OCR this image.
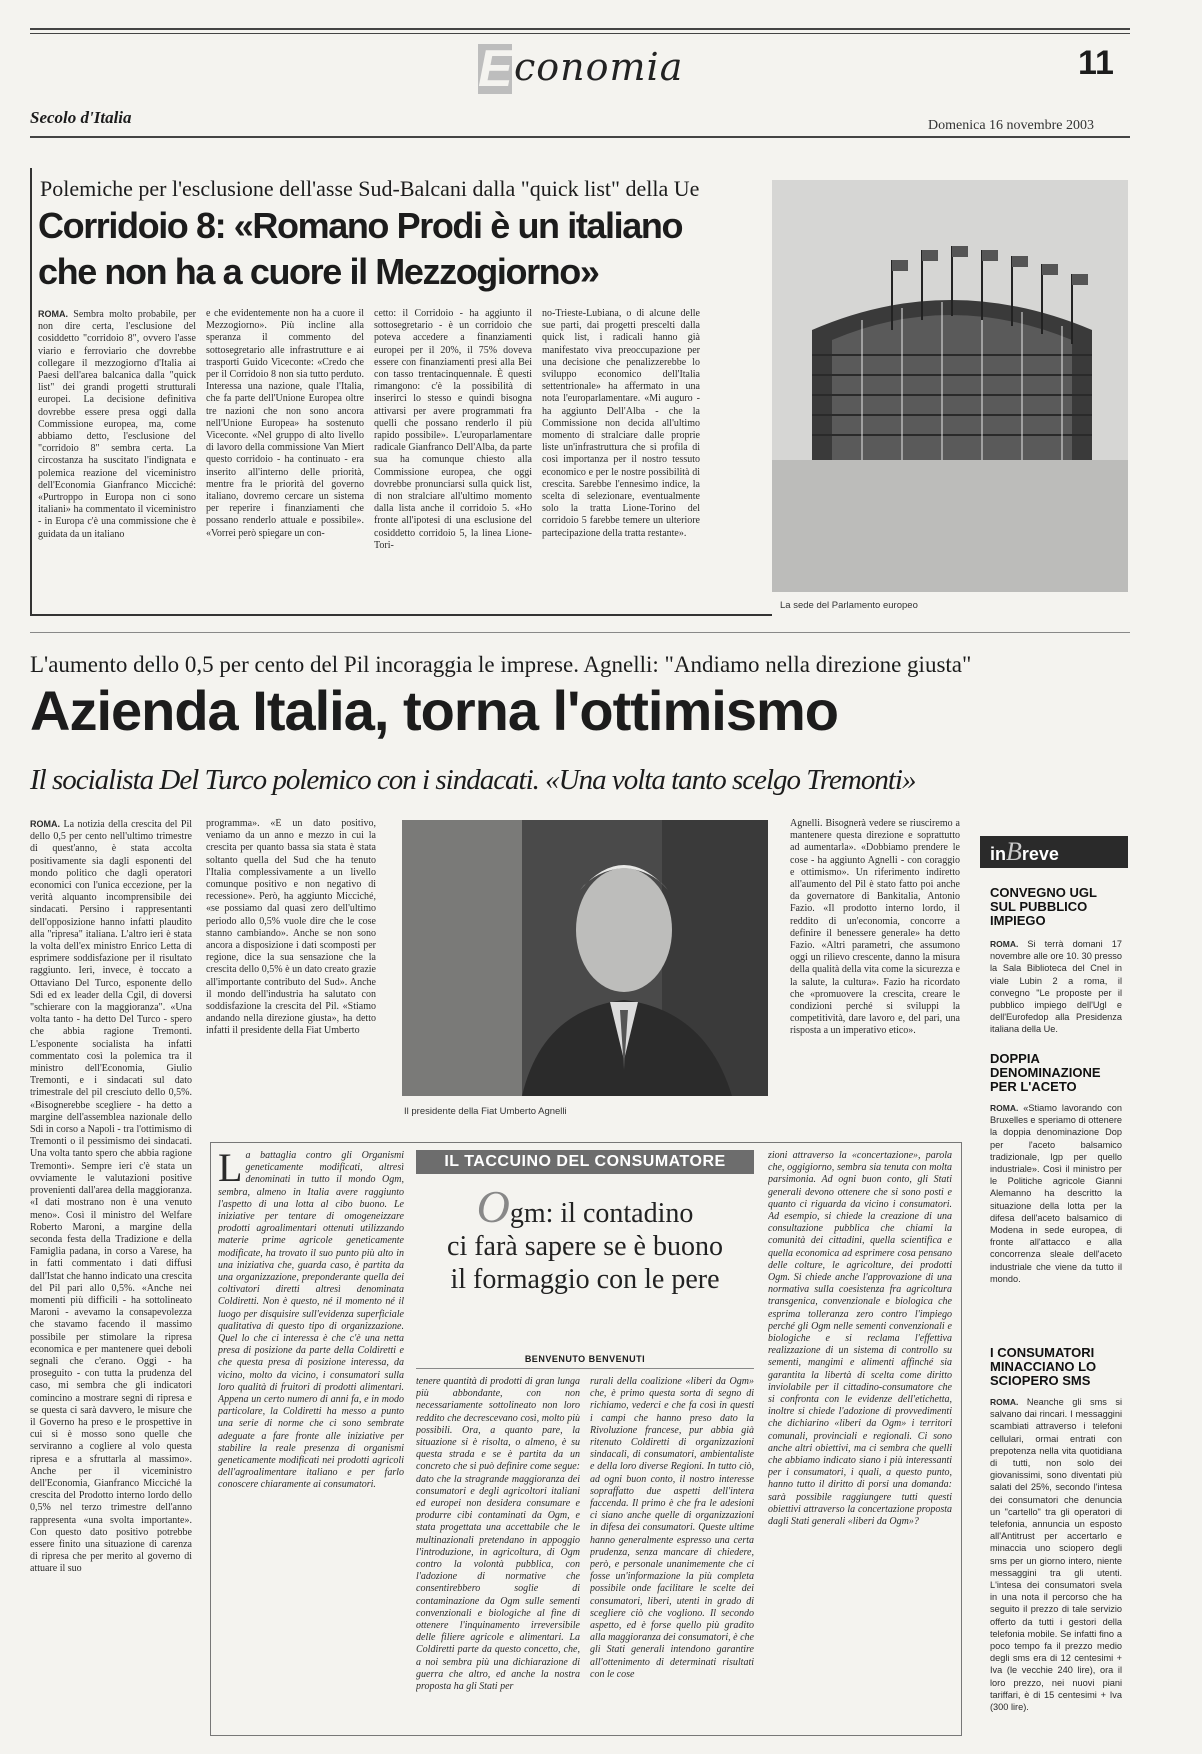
Economia	11
Secolo d'Italia	Domenica 16 novembre 2003
Polemiche per l'esclusione dell'asse Sud-Balcani dalla "quick list" della Ue
Corridoio 8: «Romano Prodi è un italiano
che non ha a cuore il Mezzogiorno»
ROMA. Sembra molto probabile, per non dire certa, l'esclusione del cosiddetto "corridoio 8", ovvero l'asse viario e ferroviario che dovrebbe collegare il mezzogiorno d'Italia ai Paesi dell'area balcanica dalla "quick list" dei grandi progetti strutturali europei. La decisione definitiva dovrebbe essere presa oggi dalla Commissione europea, ma, come abbiamo detto, l'esclusione del "corridoio 8" sembra certa. La circostanza ha suscitato l'indignata e polemica reazione del viceministro dell'Economia Gianfranco Micciché: «Purtroppo in Europa non ci sono italiani» ha commentato il viceministro - in Europa c'è una commissione che è guidata da un italiano
e che evidentemente non ha a cuore il Mezzogiorno». Più incline alla speranza il commento del sottosegretario alle infrastrutture e ai trasporti Guido Viceconte: «Credo che per il Corridoio 8 non sia tutto perduto. Interessa una nazione, quale l'Italia, che fa parte dell'Unione Europea oltre tre nazioni che non sono ancora nell'Unione Europea» ha sostenuto Viceconte. «Nel gruppo di alto livello di lavoro della commissione Van Miert questo corridoio - ha continuato - era inserito all'interno delle priorità, mentre fra le priorità del governo italiano, dovremo cercare un sistema per reperire i finanziamenti che possano renderlo attuale e possibile». «Vorrei però spiegare un con-
cetto: il Corridoio - ha aggiunto il sottosegretario - è un corridoio che poteva accedere a finanziamenti europei per il 20%, il 75% doveva essere con finanziamenti presi alla Bei con tasso trentacinquennale. È questi rimangono: c'è la possibilità di inserirci lo stesso e quindi bisogna attivarsi per avere programmati fra quelli che possano renderlo il più rapido possibile». L'europarlamentare radicale Gianfranco Dell'Alba, da parte sua ha comunque chiesto alla Commissione europea, che oggi dovrebbe pronunciarsi sulla quick list, di non stralciare all'ultimo momento dalla lista anche il corridoio 5. «Ho fronte all'ipotesi di una esclusione del cosiddetto corridoio 5, la linea Lione-Tori-
no-Trieste-Lubiana, o di alcune delle sue parti, dai progetti prescelti dalla quick list, i radicali hanno già manifestato viva preoccupazione per una decisione che penalizzerebbe lo sviluppo economico dell'Italia settentrionale» ha affermato in una nota l'europarlamentare. «Mi auguro - ha aggiunto Dell'Alba - che la Commissione non decida all'ultimo momento di stralciare dalle proprie liste un'infrastruttura che si profila di così importanza per il nostro tessuto economico e per le nostre possibilità di crescita. Sarebbe l'ennesimo indice, la scelta di selezionare, eventualmente solo la tratta Lione-Torino del corridoio 5 farebbe temere un ulteriore partecipazione della tratta restante».
La sede del Parlamento europeo
L'aumento dello 0,5 per cento del Pil incoraggia le imprese. Agnelli: "Andiamo nella direzione giusta"
Azienda Italia, torna l'ottimismo
Il socialista Del Turco polemico con i sindacati. «Una volta tanto scelgo Tremonti»
ROMA. La notizia della crescita del Pil dello 0,5 per cento nell'ultimo trimestre di quest'anno, è stata accolta positivamente sia dagli esponenti del mondo politico che dagli operatori economici con l'unica eccezione, per la verità alquanto incomprensibile dei sindacati. Persino i rappresentanti dell'opposizione hanno infatti plaudito alla "ripresa" italiana. L'altro ieri è stata la volta dell'ex ministro Enrico Letta di esprimere soddisfazione per il risultato raggiunto. Ieri, invece, è toccato a Ottaviano Del Turco, esponente dello Sdi ed ex leader della Cgil, di doversi "schierare con la maggioranza". «Una volta tanto - ha detto Del Turco - spero che abbia ragione Tremonti. L'esponente socialista ha infatti commentato così la polemica tra il ministro dell'Economia, Giulio Tremonti, e i sindacati sul dato trimestrale del pil cresciuto dello 0,5%. «Bisognerebbe scegliere - ha detto a margine dell'assemblea nazionale dello Sdi in corso a Napoli - tra l'ottimismo di Tremonti o il pessimismo dei sindacati. Una volta tanto spero che abbia ragione Tremonti». Sempre ieri c'è stata un ovviamente le valutazioni positive provenienti dall'area della maggioranza. «I dati mostrano non è una venuto meno». Così il ministro del Welfare Roberto Maroni, a margine della seconda festa della Tradizione e della Famiglia padana, in corso a Varese, ha in fatti commentato i dati diffusi dall'Istat che hanno indicato una crescita del Pil pari allo 0,5%. «Anche nei momenti più difficili - ha sottolineato Maroni - avevamo la consapevolezza che stavamo facendo il massimo possibile per stimolare la ripresa economica e per mantenere quei deboli segnali che c'erano. Oggi - ha proseguito - con tutta la prudenza del caso, mi sembra che gli indicatori comincino a mostrare segni di ripresa e se questa ci sarà davvero, le misure che il Governo ha preso e le prospettive in cui si è mosso sono quelle che serviranno a cogliere al volo questa ripresa e a sfruttarla al massimo». Anche per il viceministro dell'Economia, Gianfranco Micciché la crescita del Prodotto interno lordo dello 0,5% nel terzo trimestre dell'anno rappresenta «una svolta importante». Con questo dato positivo potrebbe essere finito una situazione di carenza di ripresa che per merito al governo di attuare il suo
programma». «È un dato positivo, veniamo da un anno e mezzo in cui la crescita per quanto bassa sia stata è stata soltanto quella del Sud che ha tenuto l'Italia complessivamente a un livello comunque positivo e non negativo di recessione». Però, ha aggiunto Micciché, «se possiamo dal quasi zero dell'ultimo periodo allo 0,5% vuole dire che le cose stanno cambiando». Anche se non sono ancora a disposizione i dati scomposti per regione, dice la sua sensazione che la crescita dello 0,5% è un dato creato grazie all'importante contributo del Sud». Anche il mondo dell'industria ha salutato con soddisfazione la crescita del Pil. «Stiamo andando nella direzione giusta», ha detto infatti il presidente della Fiat Umberto
Il presidente della Fiat Umberto Agnelli
Agnelli. Bisognerà vedere se riusciremo a mantenere questa direzione e soprattutto ad aumentarla». «Dobbiamo prendere le cose - ha aggiunto Agnelli - con coraggio e ottimismo». Un riferimento indiretto all'aumento del Pil è stato fatto poi anche da governatore di Bankitalia, Antonio Fazio. «Il prodotto interno lordo, il reddito di un'economia, concorre a definire il benessere generale» ha detto Fazio. «Altri parametri, che assumono oggi un rilievo crescente, danno la misura della qualità della vita come la sicurezza e la salute, la cultura». Fazio ha ricordato che «promuovere la crescita, creare le condizioni perché si sviluppi la competitività, dare lavoro e, del pari, una risposta a un imperativo etico».
IL TACCUINO DEL CONSUMATORE
Ogm: il contadino
ci farà sapere se è buono
il formaggio con le pere
BENVENUTO BENVENUTI
La battaglia contro gli Organismi geneticamente modificati, altresì denominati in tutto il mondo Ogm, sembra, almeno in Italia avere raggiunto l'aspetto di una lotta al cibo buono. Le iniziative per tentare di omogeneizzare prodotti agroalimentari ottenuti utilizzando materie prime agricole geneticamente modificate, ha trovato il suo punto più alto in una iniziativa che, guarda caso, è partita da una organizzazione, preponderante quella dei coltivatori diretti altresì denominata Coldiretti. Non è questo, né il momento né il luogo per disquisire sull'evidenza superficiale qualitativa di questo tipo di organizzazione. Quel lo che ci interessa è che c'è una netta presa di posizione da parte della Coldiretti e che questa presa di posizione interessa, da vicino, molto da vicino, i consumatori sulla loro qualità di fruitori di prodotti alimentari. Appena un certo numero di anni fa, e in modo particolare, la Coldiretti ha messo a punto una serie di norme che ci sono sembrate adeguate a fare fronte alle iniziative per stabilire la reale presenza di organismi geneticamente modificati nei prodotti agricoli dell'agroalimentare italiano e per farlo conoscere chiaramente ai consumatori.
tenere quantità di prodotti di gran lunga più abbondante, con non necessariamente sottolineato non loro reddito che decrescevano così, molto più possibili. Ora, a quanto pare, la situazione si è risolta, o almeno, è su questa strada e se è partita da un concreto che si può definire come segue: dato che la stragrande maggioranza dei consumatori e degli agricoltori italiani ed europei non desidera consumare e produrre cibi contaminati da Ogm, e stata progettata una accettabile che le multinazionali pretendano in appoggio l'introduzione, in agricoltura, di Ogm contro la volontà pubblica, con l'adozione di normative che consentirebbero soglie di contaminazione da Ogm sulle sementi convenzionali e biologiche al fine di ottenere l'inquinamento irreversibile delle filiere agricole e alimentari. La Coldiretti parte da questo concetto, che, a noi sembra più una dichiarazione di guerra che altro, ed anche la nostra proposta ha gli Stati per
rurali della coalizione «liberi da Ogm» che, è primo questa sorta di segno di richiamo, vederci e che fa così in questi i campi che hanno preso dato la Rivoluzione francese, pur abbia già ritenuto Coldiretti di organizzazioni sindacali, di consumatori, ambientaliste e della loro diverse Regioni. In tutto ciò, ad ogni buon conto, il nostro interesse sopraffatto due aspetti dell'intera faccenda. Il primo è che fra le adesioni ci siano anche quelle di organizzazioni in difesa dei consumatori. Queste ultime hanno generalmente espresso una certa prudenza, senza mancare di chiedere, però, e personale unanimemente che ci fosse un'informazione la più completa possibile onde facilitare le scelte dei consumatori, liberi, utenti in grado di scegliere ciò che vogliono. Il secondo aspetto, ed è forse quello più gradito alla maggioranza dei consumatori, è che gli Stati generali intendono garantire all'ottenimento di determinati risultati con le cose
zioni attraverso la «concertazione», parola che, oggigiorno, sembra sia tenuta con molta parsimonia. Ad ogni buon conto, gli Stati generali devono ottenere che si sono posti e quanto ci riguarda da vicino i consumatori. Ad esempio, si chiede la creazione di una consultazione pubblica che chiami la comunità dei cittadini, quella scientifica e quella economica ad esprimere cosa pensano delle colture, le agricolture, dei prodotti Ogm. Si chiede anche l'approvazione di una normativa sulla coesistenza fra agricoltura transgenica, convenzionale e biologica che esprima tolleranza zero contro l'impiego perché gli Ogm nelle sementi convenzionali e biologiche e si reclama l'effettiva realizzazione di un sistema di controllo su sementi, mangimi e alimenti affinché sia garantita la libertà di scelta come diritto inviolabile per il cittadino-consumatore che si confronta con le evidenze dell'etichetta, inoltre si chiede l'adozione di provvedimenti che dichiarino «liberi da Ogm» i territori comunali, provinciali e regionali. Ci sono anche altri obiettivi, ma ci sembra che quelli che abbiamo indicato siano i più interessanti per i consumatori, i quali, a questo punto, hanno tutto il diritto di porsi una domanda: sarà possibile raggiungere tutti questi obiettivi attraverso la concertazione proposta dagli Stati generali «liberi da Ogm»?
inBreve
CONVEGNO UGL SUL PUBBLICO IMPIEGO
ROMA. Si terrà domani 17 novembre alle ore 10. 30 presso la Sala Biblioteca del Cnel in viale Lubin 2 a roma, il convegno "Le proposte per il pubblico impiego dell'Ugl e dell'Eurofedop alla Presidenza italiana della Ue.
DOPPIA DENOMINAZIONE PER L'ACETO
ROMA. «Stiamo lavorando con Bruxelles e speriamo di ottenere la doppia denominazione Dop per l'aceto balsamico tradizionale, Igp per quello industriale». Così il ministro per le Politiche agricole Gianni Alemanno ha descritto la situazione della lotta per la difesa dell'aceto balsamico di Modena in sede europea, di fronte all'attacco e alla concorrenza sleale dell'aceto industriale che viene da tutto il mondo.
I CONSUMATORI MINACCIANO LO SCIOPERO SMS
ROMA. Neanche gli sms si salvano dai rincari. I messaggini scambiati attraverso i telefoni cellulari, ormai entrati con prepotenza nella vita quotidiana di tutti, non solo dei giovanissimi, sono diventati più salati del 25%, secondo l'intesa dei consumatori che denuncia un "cartello" tra gli operatori di telefonia, annuncia un esposto all'Antitrust per accertarlo e minaccia uno sciopero degli sms per un giorno intero, niente messaggini tra gli utenti. L'intesa dei consumatori svela in una nota il percorso che ha seguito il prezzo di tale servizio offerto da tutti i gestori della telefonia mobile. Se infatti fino a poco tempo fa il prezzo medio degli sms era di 12 centesimi + Iva (le vecchie 240 lire), ora il loro prezzo, nei nuovi piani tariffari, è di 15 centesimi + Iva (300 lire).
